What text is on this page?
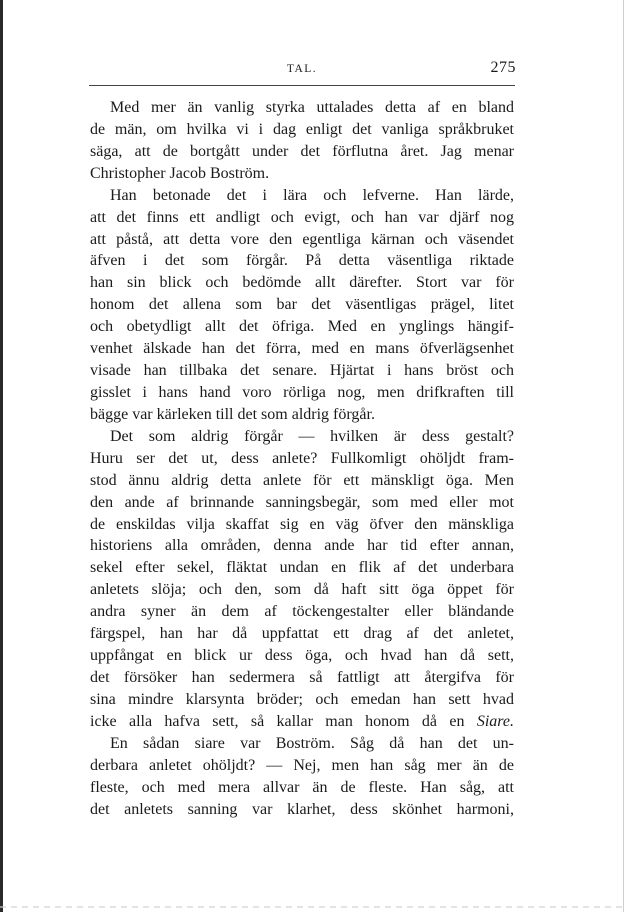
TAL.	275
Med mer än vanlig styrka uttalades detta af en bland
de män, om hvilka vi i dag enligt det vanliga språkbruket
säga, att de bortgått under det förflutna året. Jag menar
Christopher Jacob Boström.
Han betonade det i lära och lefverne. Han lärde,
att det finns ett andligt och evigt, och han var djärf nog
att påstå, att detta vore den egentliga kärnan och väsendet
äfven i det som förgår. På detta väsentliga riktade
han sin blick och bedömde allt därefter. Stort var för
honom det allena som bar det väsentligas prägel, litet
och obetydligt allt det öfriga. Med en ynglings hängif-
venhet älskade han det förra, med en mans öfverlägsenhet
visade han tillbaka det senare. Hjärtat i hans bröst och
gisslet i hans hand voro rörliga nog, men drifkraften till
bägge var kärleken till det som aldrig förgår.
Det som aldrig förgår — hvilken är dess gestalt?
Huru ser det ut, dess anlete? Fullkomligt ohöljdt fram-
stod ännu aldrig detta anlete för ett mänskligt öga. Men
den ande af brinnande sanningsbegär, som med eller mot
de enskildas vilja skaffat sig en väg öfver den mänskliga
historiens alla områden, denna ande har tid efter annan,
sekel efter sekel, fläktat undan en flik af det underbara
anletets slöja; och den, som då haft sitt öga öppet för
andra syner än dem af töckengestalter eller bländande
färgspel, han har då uppfattat ett drag af det anletet,
uppfångat en blick ur dess öga, och hvad han då sett,
det försöker han sedermera så fattligt att återgifva för
sina mindre klarsynta bröder; och emedan han sett hvad
icke alla hafva sett, så kallar man honom då en Siare.
En sådan siare var Boström. Såg då han det un-
derbara anletet ohöljdt? — Nej, men han såg mer än de
fleste, och med mera allvar än de fleste. Han såg, att
det anletets sanning var klarhet, dess skönhet harmoni,
